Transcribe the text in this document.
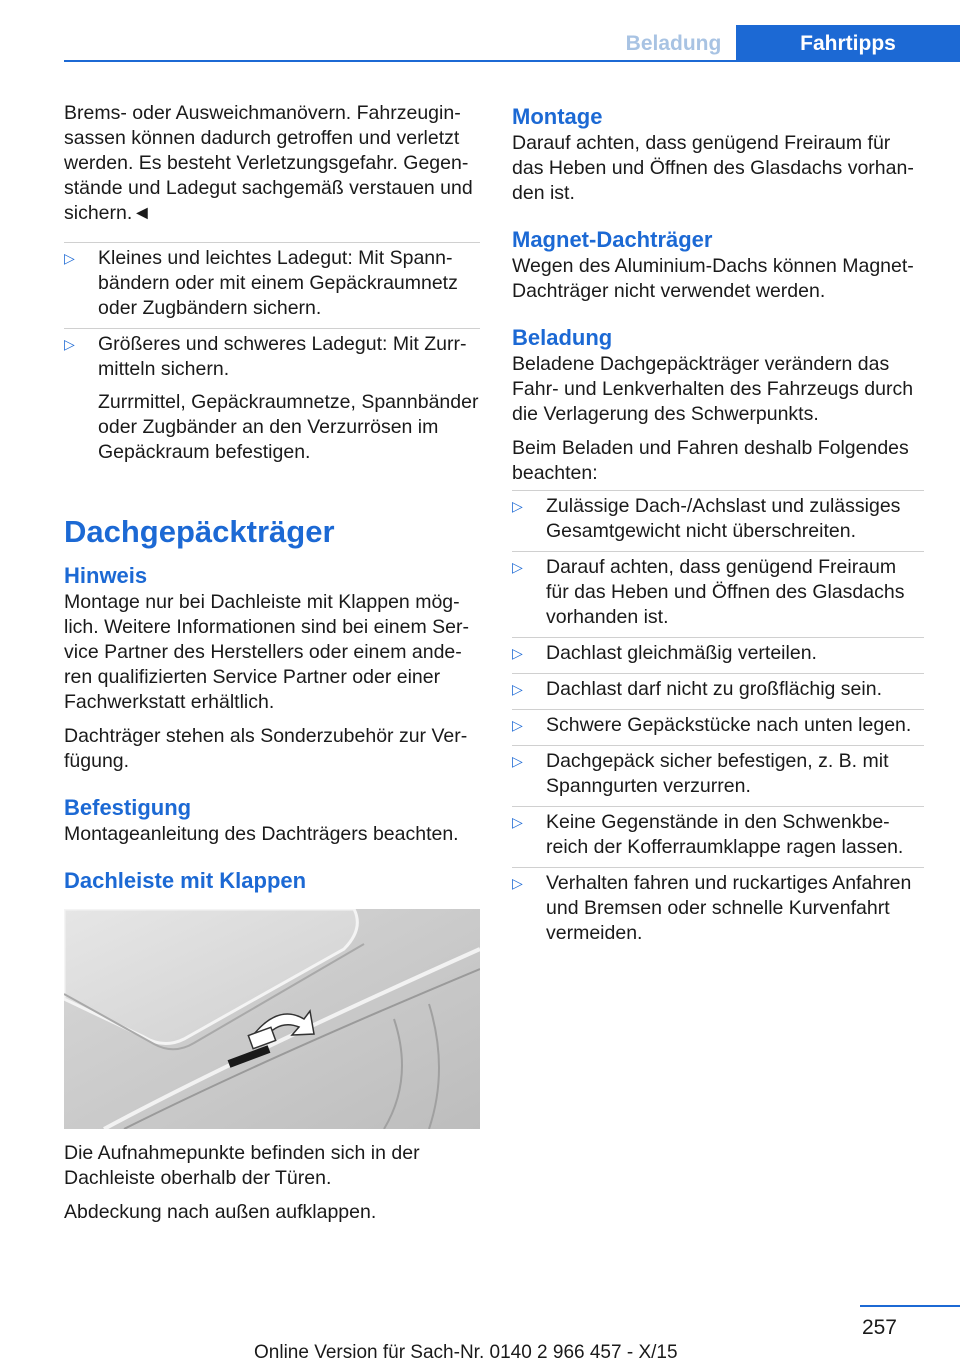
Beladung	Fahrtipps

Brems- oder Ausweichmanövern. Fahrzeuginsassen können dadurch getroffen und verletzt werden. Es besteht Verletzungsgefahr. Gegenstände und Ladegut sachgemäß verstauen und sichern.◄

▷ Kleines und leichtes Ladegut: Mit Spannbändern oder mit einem Gepäckraumnetz oder Zugbändern sichern.
▷ Größeres und schweres Ladegut: Mit Zurrmitteln sichern.
Zurrmittel, Gepäckraumnetze, Spannbänder oder Zugbänder an den Verzurrösen im Gepäckraum befestigen.
Dachgepäckträger
Hinweis

Montage nur bei Dachleiste mit Klappen möglich. Weitere Informationen sind bei einem Service Partner des Herstellers oder einem anderen qualifizierten Service Partner oder einer Fachwerkstatt erhältlich.

Dachträger stehen als Sonderzubehör zur Verfügung.

Befestigung

Montageanleitung des Dachträgers beachten.

Dachleiste mit Klappen

Die Aufnahmepunkte befinden sich in der Dachleiste oberhalb der Türen.

Abdeckung nach außen aufklappen.

Montage

Darauf achten, dass genügend Freiraum für das Heben und Öffnen des Glasdachs vorhanden ist.

Magnet-Dachträger

Wegen des Aluminium-Dachs können Magnet-Dachträger nicht verwendet werden.

Beladung

Beladene Dachgepäckträger verändern das Fahr- und Lenkverhalten des Fahrzeugs durch die Verlagerung des Schwerpunkts.

Beim Beladen und Fahren deshalb Folgendes beachten:

▷ Zulässige Dach-/Achslast und zulässiges Gesamtgewicht nicht überschreiten.
▷ Darauf achten, dass genügend Freiraum für das Heben und Öffnen des Glasdachs vorhanden ist.
▷ Dachlast gleichmäßig verteilen.
▷ Dachlast darf nicht zu großflächig sein.
▷ Schwere Gepäckstücke nach unten legen.
▷ Dachgepäck sicher befestigen, z. B. mit Spanngurten verzurren.
▷ Keine Gegenstände in den Schwenkbereich der Kofferraumklappe ragen lassen.
▷ Verhalten fahren und ruckartiges Anfahren und Bremsen oder schnelle Kurvenfahrt vermeiden.
257
Online Version für Sach-Nr. 0140 2 966 457 - X/15
